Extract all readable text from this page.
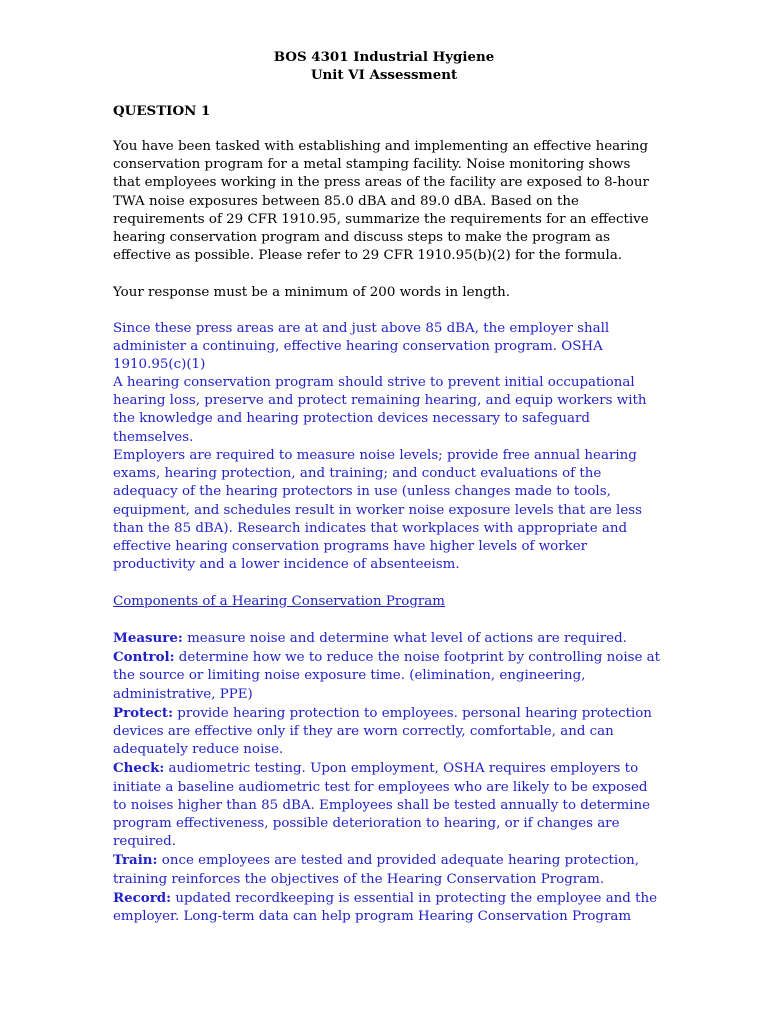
BOS 4301 Industrial Hygiene

Unit VI Assessment

QUESTION 1

You have been tasked with establishing and implementing an effective hearing conservation program for a metal stamping facility. Noise monitoring shows that employees working in the press areas of the facility are exposed to 8-hour TWA noise exposures between 85.0 dBA and 89.0 dBA. Based on the requirements of 29 CFR 1910.95, summarize the requirements for an effective hearing conservation program and discuss steps to make the program as effective as possible. Please refer to 29 CFR 1910.95(b)(2) for the formula.

Your response must be a minimum of 200 words in length.

Since these press areas are at and just above 85 dBA, the employer shall administer a continuing, effective hearing conservation program. OSHA 1910.95(c)(1)

A hearing conservation program should strive to prevent initial occupational hearing loss, preserve and protect remaining hearing, and equip workers with the knowledge and hearing protection devices necessary to safeguard themselves.

Employers are required to measure noise levels; provide free annual hearing exams, hearing protection, and training; and conduct evaluations of the adequacy of the hearing protectors in use (unless changes made to tools, equipment, and schedules result in worker noise exposure levels that are less than the 85 dBA). Research indicates that workplaces with appropriate and effective hearing conservation programs have higher levels of worker productivity and a lower incidence of absenteeism.

Components of a Hearing Conservation Program

Measure: measure noise and determine what level of actions are required.

Control: determine how we to reduce the noise footprint by controlling noise at the source or limiting noise exposure time. (elimination, engineering, administrative, PPE)

Protect: provide hearing protection to employees. personal hearing protection devices are effective only if they are worn correctly, comfortable, and can adequately reduce noise.

Check: audiometric testing. Upon employment, OSHA requires employers to initiate a baseline audiometric test for employees who are likely to be exposed to noises higher than 85 dBA. Employees shall be tested annually to determine program effectiveness, possible deterioration to hearing, or if changes are required.

Train: once employees are tested and provided adequate hearing protection, training reinforces the objectives of the Hearing Conservation Program.

Record: updated recordkeeping is essential in protecting the employee and the employer. Long-term data can help program Hearing Conservation Program
